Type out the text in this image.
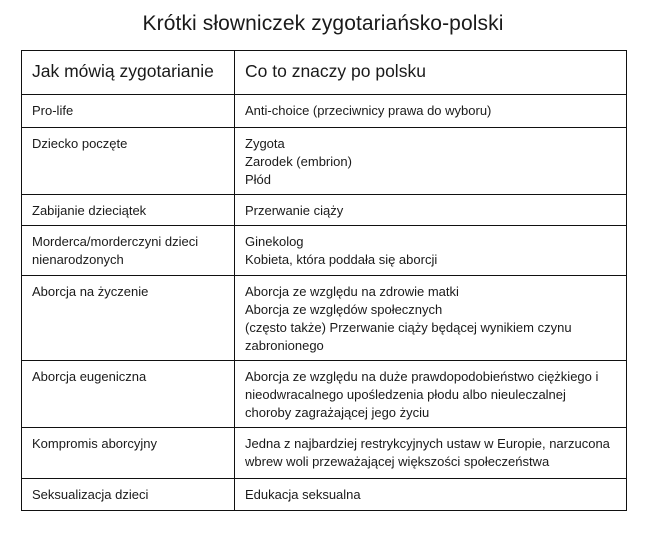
Krótki słowniczek zygotariańsko-polski
Jak mówią zygotarianie	Co to znaczy po polsku

Pro-life	Anti-choice (przeciwnicy prawa do wyboru)

Dziecko poczęte	Zygota
Zarodek (embrion)
Płód

Zabijanie dzieciątek	Przerwanie ciąży

Morderca/morderczyni dzieci
nienarodzonych	Ginekolog
Kobieta, która poddała się aborcji

Aborcja na życzenie	Aborcja ze względu na zdrowie matki
Aborcja ze względów społecznych
(często także) Przerwanie ciąży będącej wynikiem czynu
zabronionego

Aborcja eugeniczna	Aborcja ze względu na duże prawdopodobieństwo ciężkiego i
nieodwracalnego upośledzenia płodu albo nieuleczalnej
choroby zagrażającej jego życiu

Kompromis aborcyjny	Jedna z najbardziej restrykcyjnych ustaw w Europie, narzucona
wbrew woli przeważającej większości społeczeństwa

Seksualizacja dzieci	Edukacja seksualna
